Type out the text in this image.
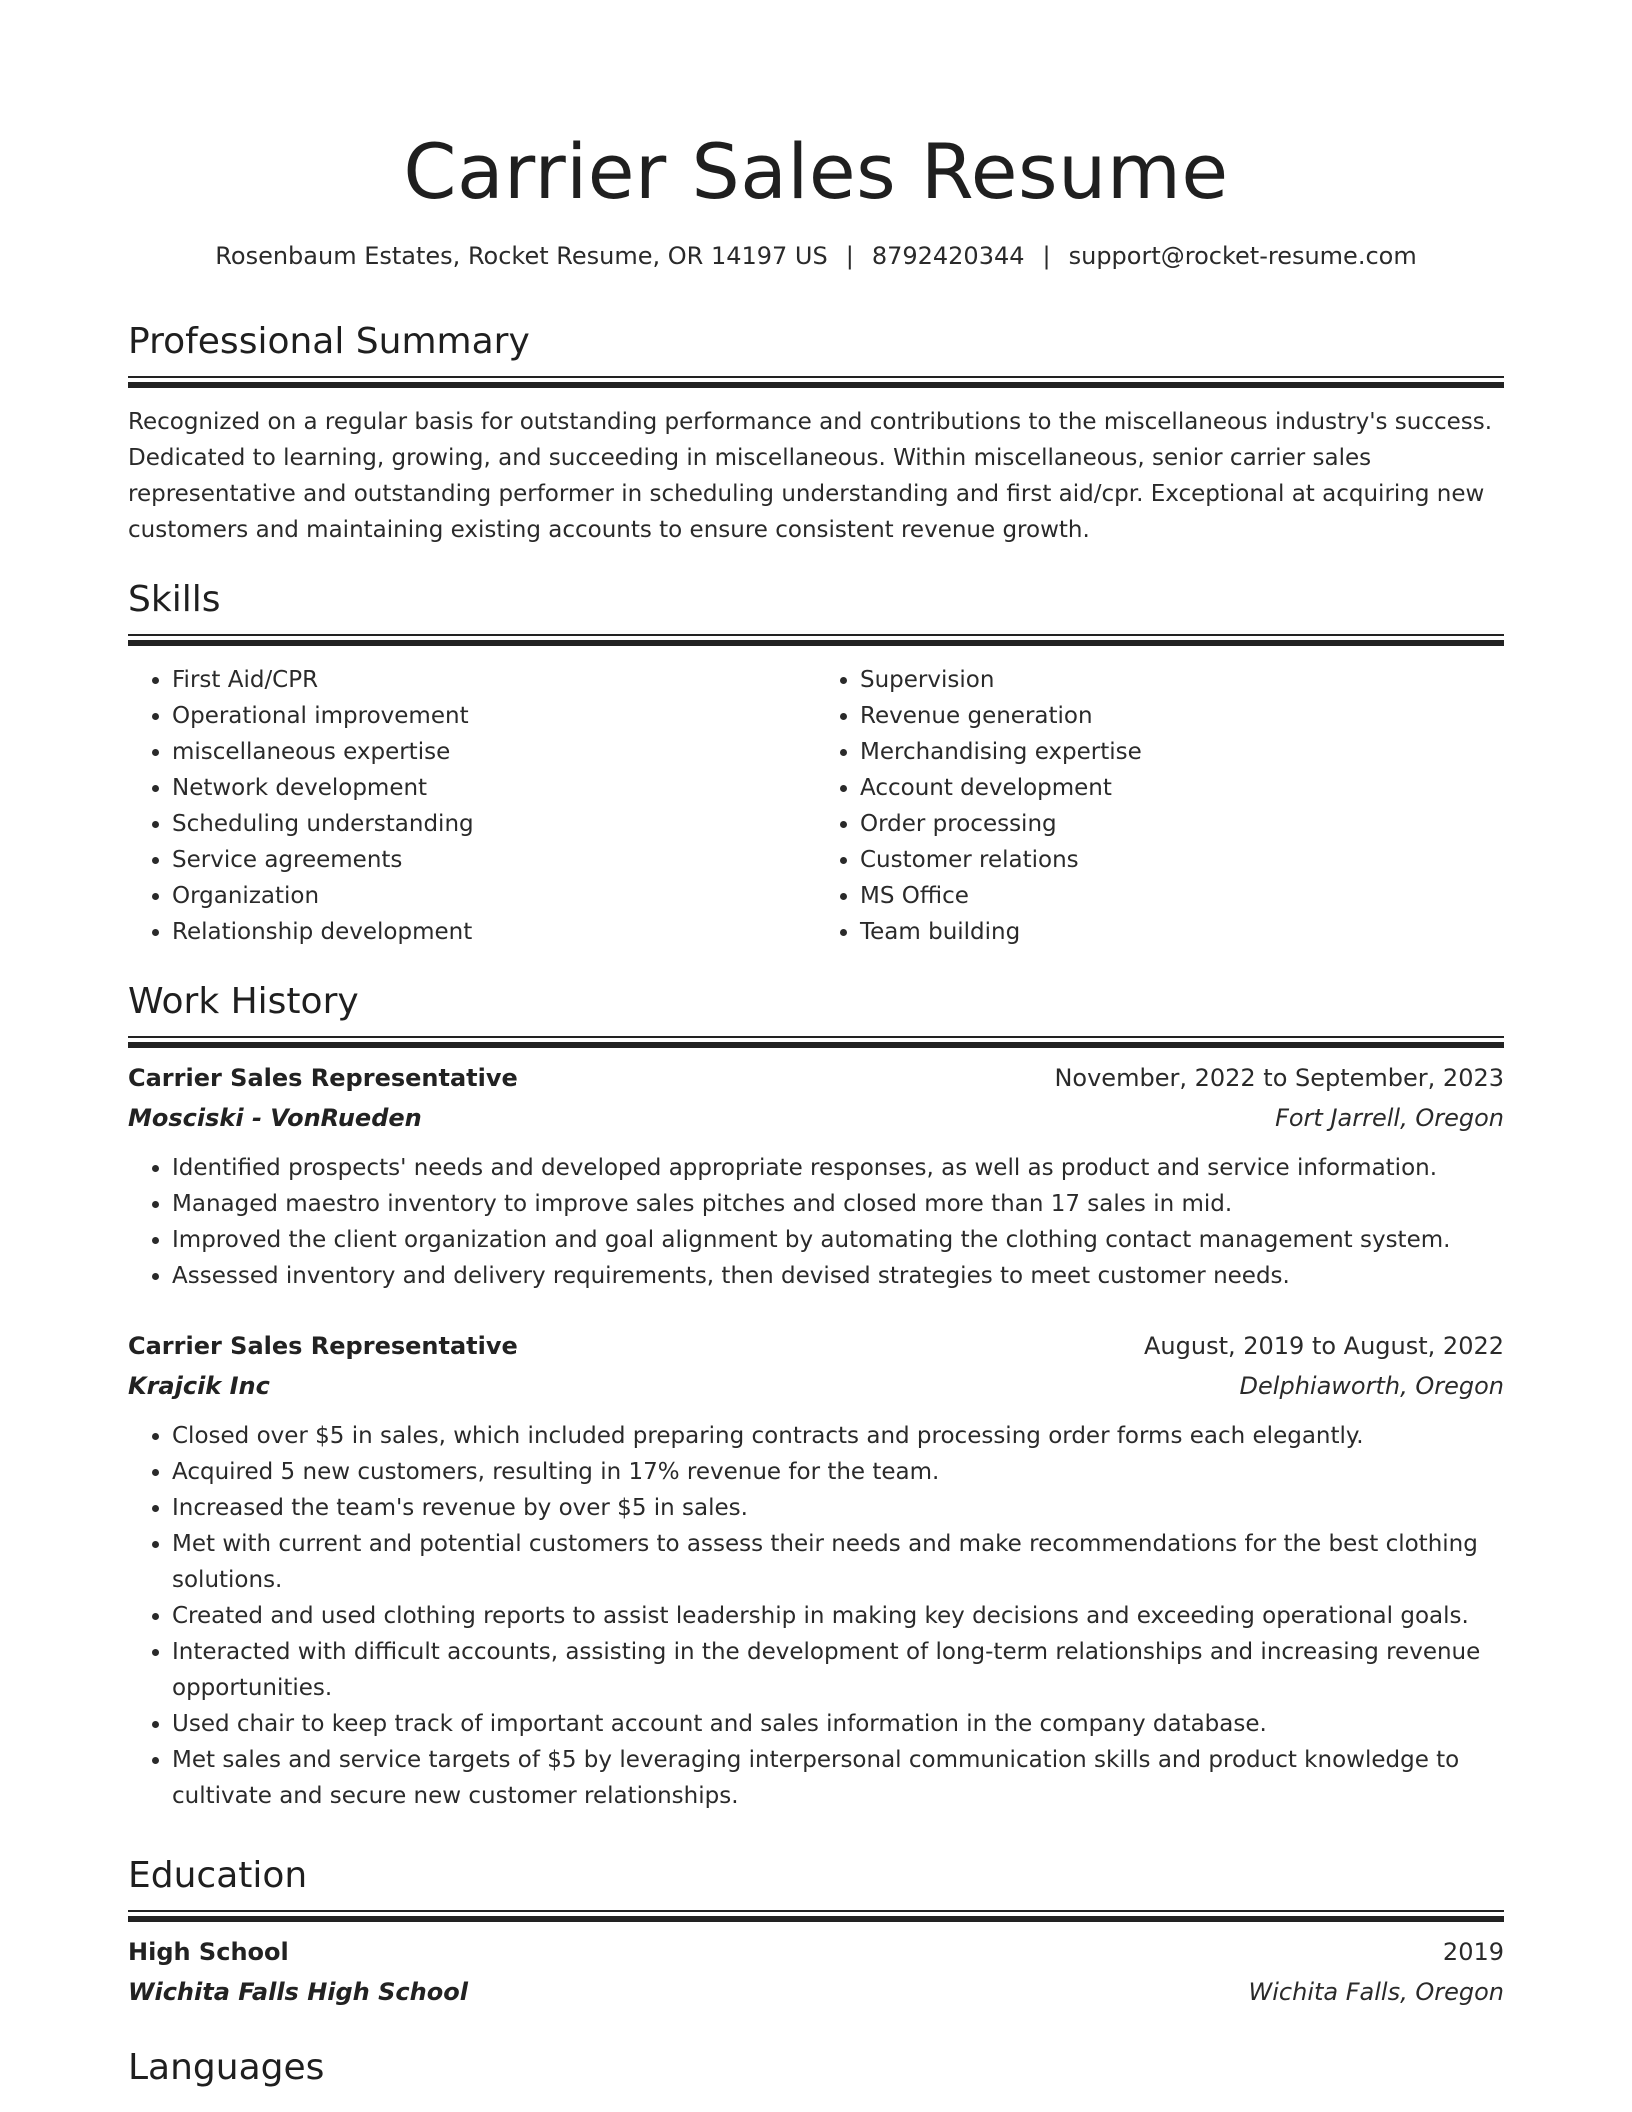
Carrier Sales Resume
Rosenbaum Estates, Rocket Resume, OR 14197 US | 8792420344 | support@rocket-resume.com
Professional Summary

Recognized on a regular basis for outstanding performance and contributions to the miscellaneous industry's success. Dedicated to learning, growing, and succeeding in miscellaneous. Within miscellaneous, senior carrier sales representative and outstanding performer in scheduling understanding and first aid/cpr. Exceptional at acquiring new customers and maintaining existing accounts to ensure consistent revenue growth.

Skills
• First Aid/CPR
• Operational improvement
• miscellaneous expertise
• Network development
• Scheduling understanding
• Service agreements
• Organization
• Relationship development
• Supervision
• Revenue generation
• Merchandising expertise
• Account development
• Order processing
• Customer relations
• MS Office
• Team building
Work History
Carrier Sales Representative	November, 2022 to September, 2023
Mosciski - VonRueden	Fort Jarrell, Oregon
• Identified prospects' needs and developed appropriate responses, as well as product and service information.
• Managed maestro inventory to improve sales pitches and closed more than 17 sales in mid.
• Improved the client organization and goal alignment by automating the clothing contact management system.
• Assessed inventory and delivery requirements, then devised strategies to meet customer needs.
Carrier Sales Representative	August, 2019 to August, 2022
Krajcik Inc	Delphiaworth, Oregon
• Closed over $5 in sales, which included preparing contracts and processing order forms each elegantly.
• Acquired 5 new customers, resulting in 17% revenue for the team.
• Increased the team's revenue by over $5 in sales.
• Met with current and potential customers to assess their needs and make recommendations for the best clothing solutions.
• Created and used clothing reports to assist leadership in making key decisions and exceeding operational goals.
• Interacted with difficult accounts, assisting in the development of long-term relationships and increasing revenue opportunities.
• Used chair to keep track of important account and sales information in the company database.
• Met sales and service targets of $5 by leveraging interpersonal communication skills and product knowledge to cultivate and secure new customer relationships.
Education
High School	2019
Wichita Falls High School	Wichita Falls, Oregon
Languages
